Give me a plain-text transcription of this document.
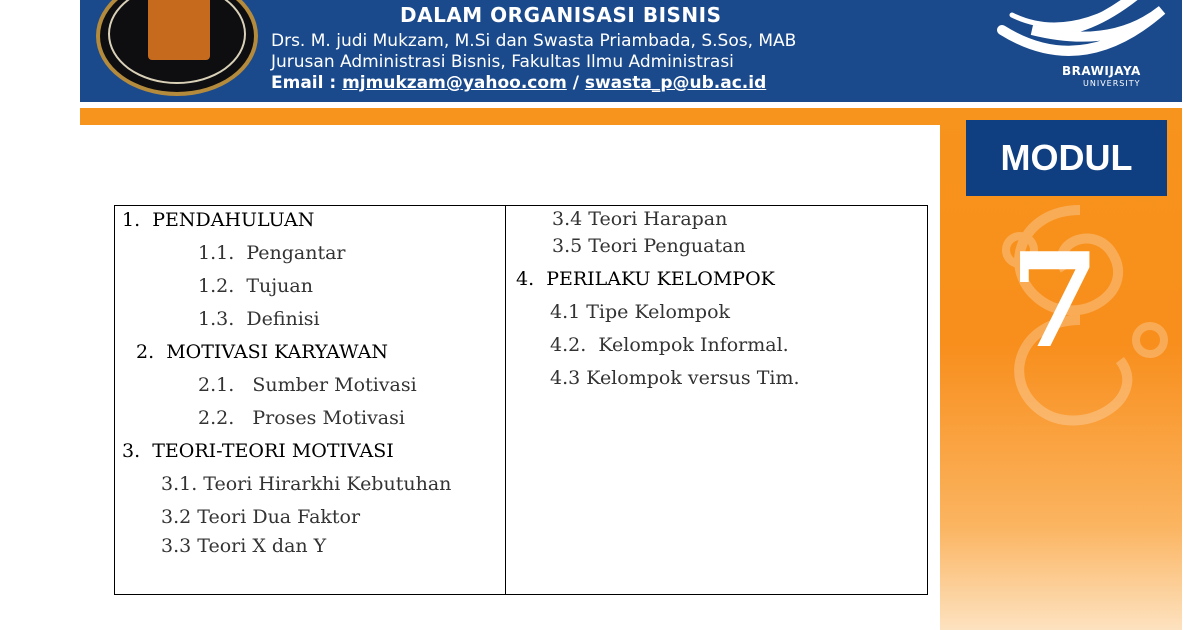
DALAM ORGANISASI BISNIS
Drs. M. judi Mukzam, M.Si dan Swasta Priambada, S.Sos, MAB
Jurusan Administrasi Bisnis, Fakultas Ilmu Administrasi
Email : mjmukzam@yahoo.com / swasta_p@ub.ac.id
BRAWIJAYA
UNIVERSITY
MODUL
7
1.  PENDAHULUAN
1.1.  Pengantar
1.2.  Tujuan
1.3.  Definisi
2.  MOTIVASI KARYAWAN
2.1.   Sumber Motivasi
2.2.   Proses Motivasi
3.  TEORI-TEORI MOTIVASI
3.1. Teori Hirarkhi Kebutuhan
3.2 Teori Dua Faktor
3.3 Teori X dan Y
3.4 Teori Harapan
3.5 Teori Penguatan
4.  PERILAKU KELOMPOK
4.1 Tipe Kelompok
4.2.  Kelompok Informal.
4.3 Kelompok versus Tim.
